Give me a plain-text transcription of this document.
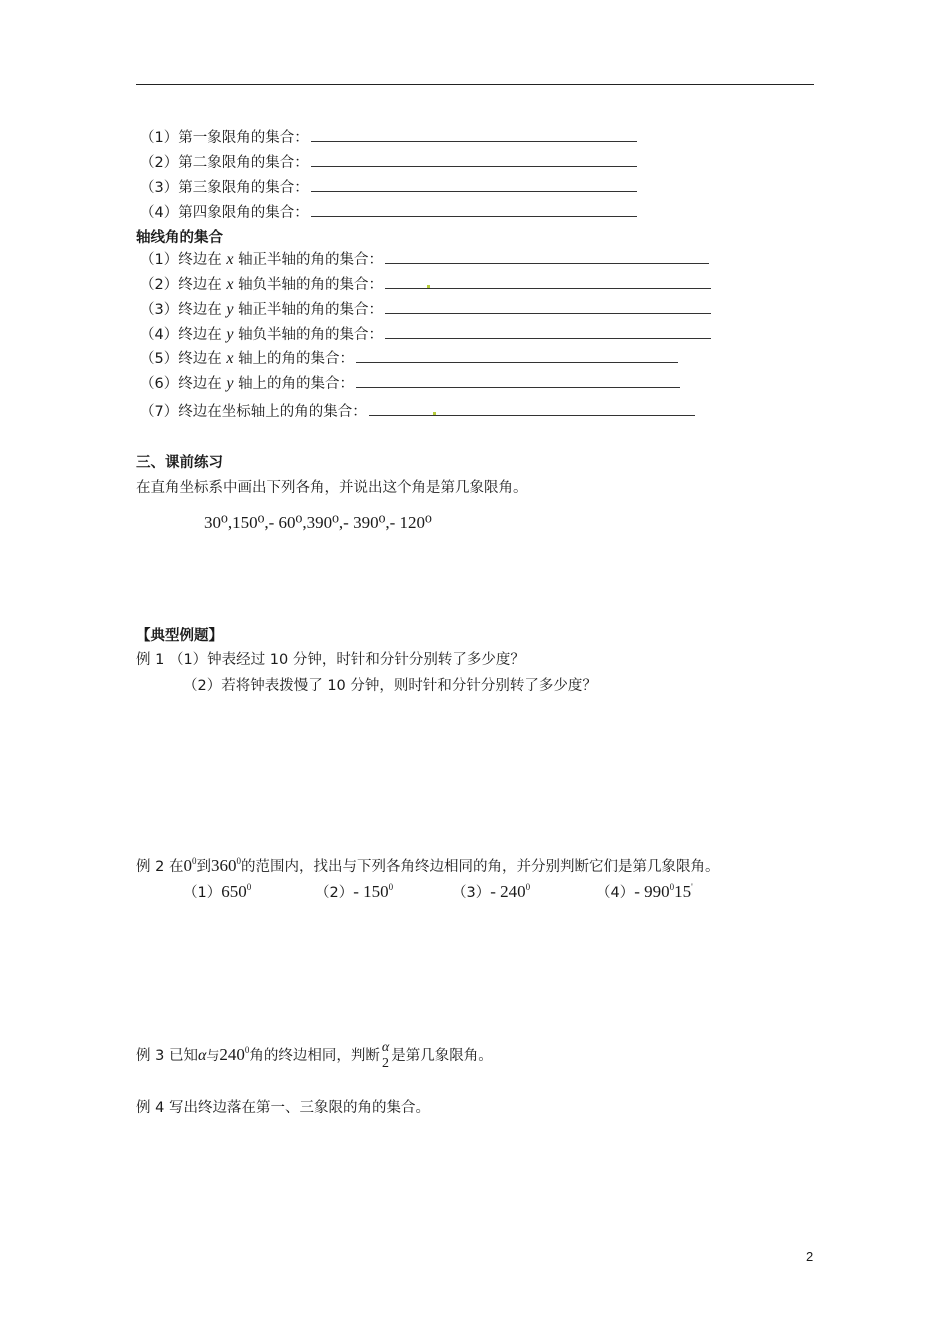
（1）第一象限角的集合：
（2）第二象限角的集合：
（3）第三象限角的集合：
（4）第四象限角的集合：
轴线角的集合
（1）终边在 x 轴正半轴的角的集合：
（2）终边在 x 轴负半轴的角的集合：
（3）终边在 y 轴正半轴的角的集合：
（4）终边在 y 轴负半轴的角的集合：
（5）终边在 x 轴上的角的集合：
（6）终边在 y 轴上的角的集合：
（7）终边在坐标轴上的角的集合：
三、课前练习
在直角坐标系中画出下列各角，并说出这个角是第几象限角。
30⁰,150⁰,- 60⁰,390⁰,- 390⁰,- 120⁰
【典型例题】
例 1 （1）钟表经过 10 分钟，时针和分针分别转了多少度？
（2）若将钟表拨慢了 10 分钟，则时针和分针分别转了多少度？
例 2 在$0^0$到$360^0$的范围内，找出与下列各角终边相同的角，并分别判断它们是第几象限角。
$(1)650^0$	（2）- $150^0$	（3）- $240^0$	（4）- $990^015'$
例 3 已知α与$240^0$角的终边相同，判断
α
2 是第几象限角。
例 4 写出终边落在第一、三象限的角的集合。
2
